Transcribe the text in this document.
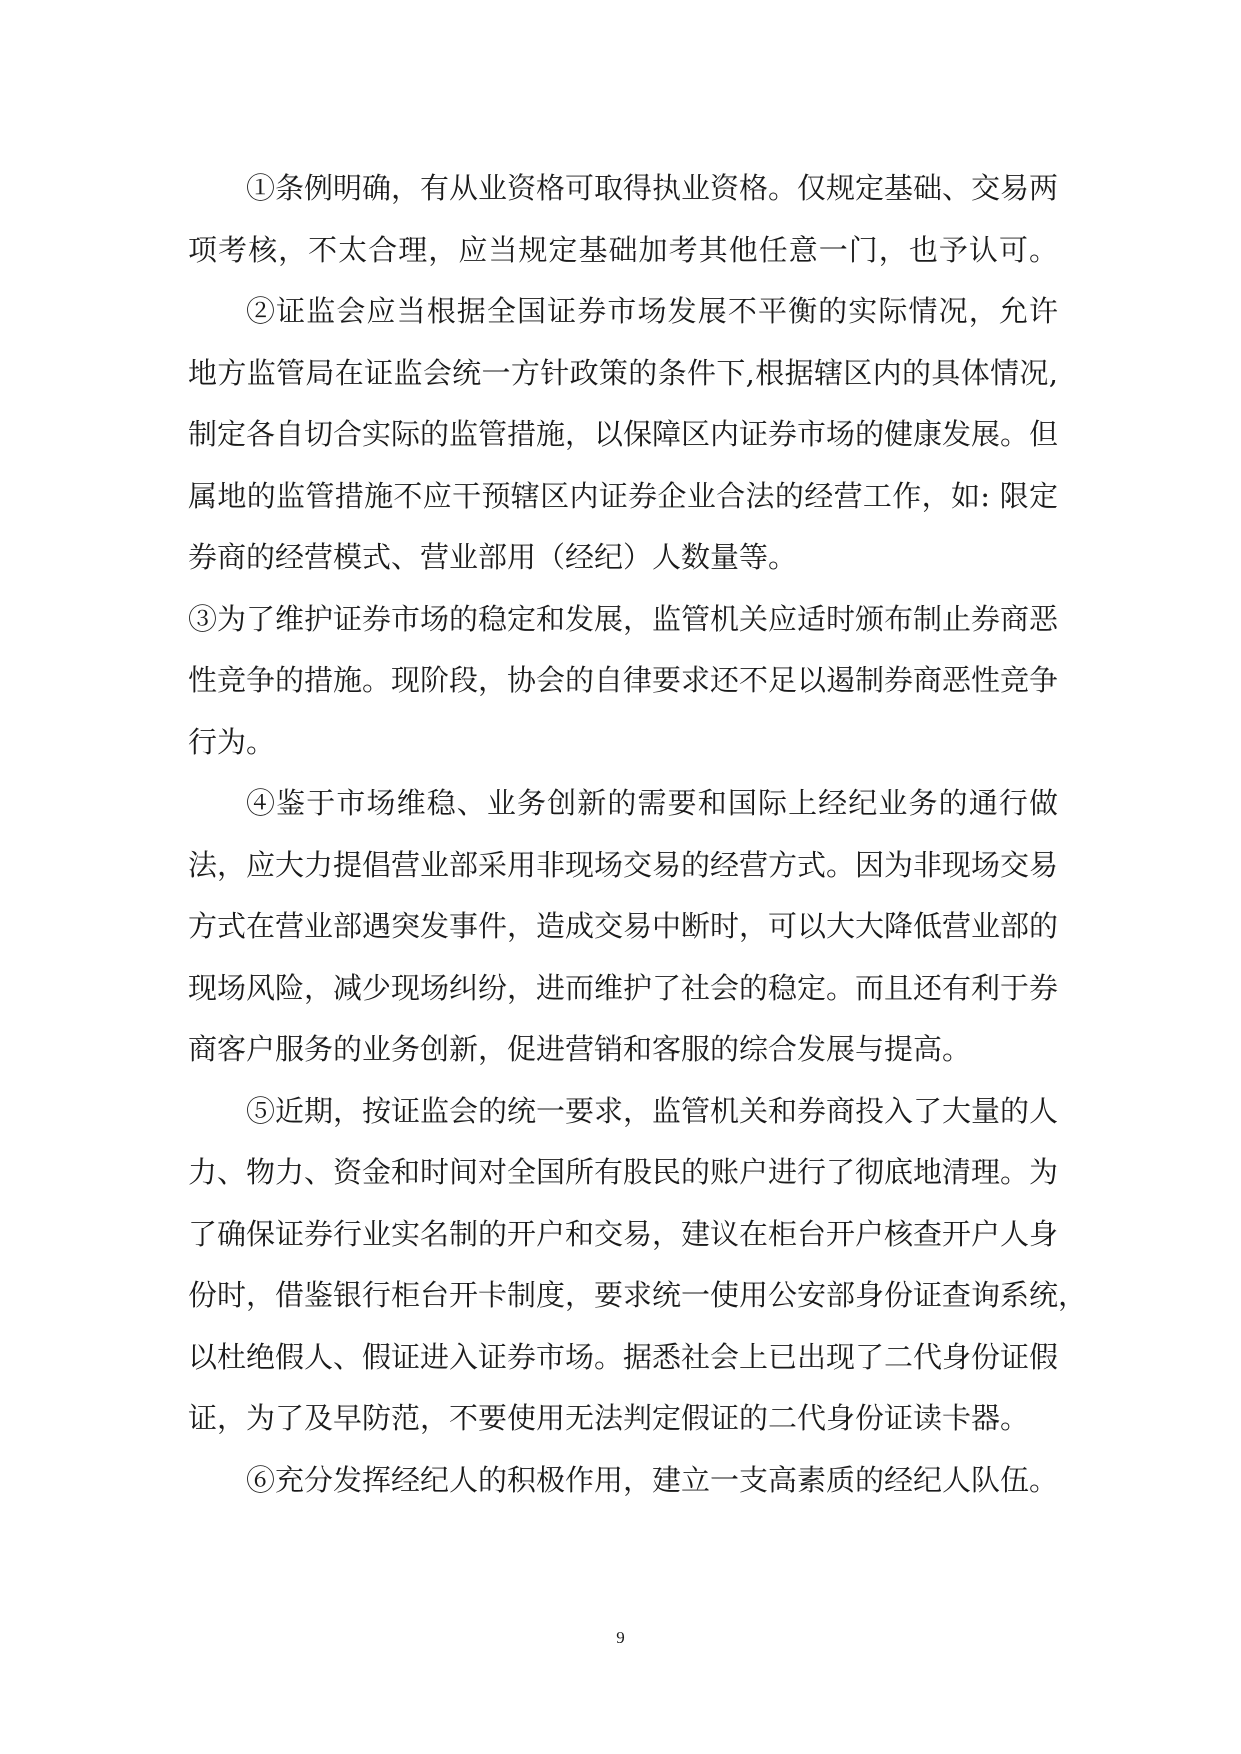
①条例明确，有从业资格可取得执业资格。仅规定基础、交易两
项考核，不太合理，应当规定基础加考其他任意一门，也予认可。
②证监会应当根据全国证券市场发展不平衡的实际情况，允许
地方监管局在证监会统一方针政策的条件下,根据辖区内的具体情况,
制定各自切合实际的监管措施，以保障区内证券市场的健康发展。但
属地的监管措施不应干预辖区内证券企业合法的经营工作，如: 限定
券商的经营模式、营业部用（经纪）人数量等。
③为了维护证券市场的稳定和发展，监管机关应适时颁布制止券商恶
性竞争的措施。现阶段，协会的自律要求还不足以遏制券商恶性竞争
行为。
④鉴于市场维稳、业务创新的需要和国际上经纪业务的通行做
法，应大力提倡营业部采用非现场交易的经营方式。因为非现场交易
方式在营业部遇突发事件，造成交易中断时，可以大大降低营业部的
现场风险，减少现场纠纷，进而维护了社会的稳定。而且还有利于券
商客户服务的业务创新，促进营销和客服的综合发展与提高。
⑤近期，按证监会的统一要求，监管机关和券商投入了大量的人
力、物力、资金和时间对全国所有股民的账户进行了彻底地清理。为
了确保证券行业实名制的开户和交易，建议在柜台开户核查开户人身
份时，借鉴银行柜台开卡制度，要求统一使用公安部身份证查询系统，
以杜绝假人、假证进入证券市场。据悉社会上已出现了二代身份证假
证，为了及早防范，不要使用无法判定假证的二代身份证读卡器。
⑥充分发挥经纪人的积极作用，建立一支高素质的经纪人队伍。
9
